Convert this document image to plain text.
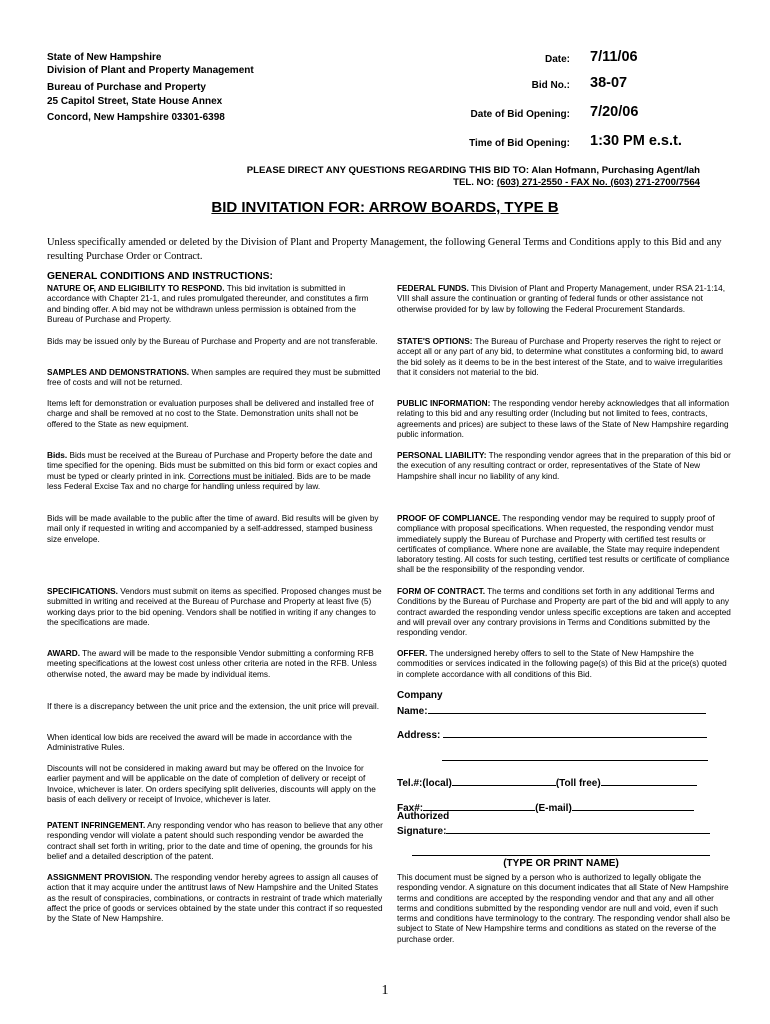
State of New Hampshire
Division of Plant and Property Management
Bureau of Purchase and Property
25 Capitol Street, State House Annex
Concord, New Hampshire 03301-6398
Date: 7/11/06
Bid No.: 38-07
Date of Bid Opening: 7/20/06
Time of Bid Opening: 1:30 PM e.s.t.
PLEASE DIRECT ANY QUESTIONS REGARDING THIS BID TO: Alan Hofmann, Purchasing Agent/lah
TEL. NO: (603) 271-2550 - FAX No. (603) 271-2700/7564
BID INVITATION FOR: ARROW BOARDS, TYPE B
Unless specifically amended or deleted by the Division of Plant and Property Management, the following General Terms and Conditions apply to this Bid and any resulting Purchase Order or Contract.
GENERAL CONDITIONS AND INSTRUCTIONS:
NATURE OF, AND ELIGIBILITY TO RESPOND. This bid invitation is submitted in accordance with Chapter 21-1, and rules promulgated thereunder, and constitutes a firm and binding offer. A bid may not be withdrawn unless permission is obtained from the Bureau of Purchase and Property.
Bids may be issued only by the Bureau of Purchase and Property and are not transferable.
SAMPLES AND DEMONSTRATIONS. When samples are required they must be submitted free of costs and will not be returned.
Items left for demonstration or evaluation purposes shall be delivered and installed free of charge and shall be removed at no cost to the State. Demonstration units shall not be offered to the State as new equipment.
Bids. Bids must be received at the Bureau of Purchase and Property before the date and time specified for the opening. Bids must be submitted on this bid form or exact copies and must be typed or clearly printed in ink. Corrections must be initialed. Bids are to be made less Federal Excise Tax and no charge for handling unless required by law.
Bids will be made available to the public after the time of award. Bid results will be given by mail only if requested in writing and accompanied by a self-addressed, stamped business size envelope.
SPECIFICATIONS. Vendors must submit on items as specified. Proposed changes must be submitted in writing and received at the Bureau of Purchase and Property at least five (5) working days prior to the bid opening. Vendors shall be notified in writing if any changes to the specifications are made.
AWARD. The award will be made to the responsible Vendor submitting a conforming RFB meeting specifications at the lowest cost unless other criteria are noted in the RFB. Unless otherwise noted, the award may be made by individual items.
If there is a discrepancy between the unit price and the extension, the unit price will prevail.
When identical low bids are received the award will be made in accordance with the Administrative Rules.
Discounts will not be considered in making award but may be offered on the Invoice for earlier payment and will be applicable on the date of completion of delivery or receipt of Invoice, whichever is later. On orders specifying split deliveries, discounts will apply on the basis of each delivery or receipt of Invoice, whichever is later.
PATENT INFRINGEMENT. Any responding vendor who has reason to believe that any other responding vendor will violate a patent should such responding vendor be awarded the contract shall set forth in writing, prior to the date and time of opening, the grounds for his belief and a detailed description of the patent.
ASSIGNMENT PROVISION. The responding vendor hereby agrees to assign all causes of action that it may acquire under the antitrust laws of New Hampshire and the United States as the result of conspiracies, combinations, or contracts in restraint of trade which materially affect the price of goods or services obtained by the state under this contract if so requested by the State of New Hampshire.
FEDERAL FUNDS. This Division of Plant and Property Management, under RSA 21-1:14, VIII shall assure the continuation or granting of federal funds or other assistance not otherwise provided for by law by following the Federal Procurement Standards.
STATE'S OPTIONS: The Bureau of Purchase and Property reserves the right to reject or accept all or any part of any bid, to determine what constitutes a conforming bid, to award the bid solely as it deems to be in the best interest of the State, and to waive irregularities that it considers not material to the bid.
PUBLIC INFORMATION: The responding vendor hereby acknowledges that all information relating to this bid and any resulting order (Including but not limited to fees, contracts, agreements and prices) are subject to these laws of the State of New Hampshire regarding public information.
PERSONAL LIABILITY: The responding vendor agrees that in the preparation of this bid or the execution of any resulting contract or order, representatives of the State of New Hampshire shall incur no liability of any kind.
PROOF OF COMPLIANCE. The responding vendor may be required to supply proof of compliance with proposal specifications. When requested, the responding vendor must immediately supply the Bureau of Purchase and Property with certified test results or certificates of compliance. Where none are available, the State may require independent laboratory testing. All costs for such testing, certified test results or certificate of compliance shall be the responsibility of the responding vendor.
FORM OF CONTRACT. The terms and conditions set forth in any additional Terms and Conditions by the Bureau of Purchase and Property are part of the bid and will apply to any contract awarded the responding vendor unless specific exceptions are taken and accepted and will prevail over any contrary provisions in Terms and Conditions submitted by the responding vendor.
OFFER. The undersigned hereby offers to sell to the State of New Hampshire the commodities or services indicated in the following page(s) of this Bid at the price(s) quoted in complete accordance with all conditions of this Bid.
Company
Name:
Address:
Tel.#:(local)	(Toll free)
Fax#:	(E-mail)
Authorized
Signature:
(TYPE OR PRINT NAME)
This document must be signed by a person who is authorized to legally obligate the responding vendor. A signature on this document indicates that all State of New Hampshire terms and conditions are accepted by the responding vendor and that any and all other terms and conditions submitted by the responding vendor are null and void, even if such terms and conditions have terminology to the contrary. The responding vendor shall also be subject to State of New Hampshire terms and conditions as stated on the reverse of the purchase order.
1
